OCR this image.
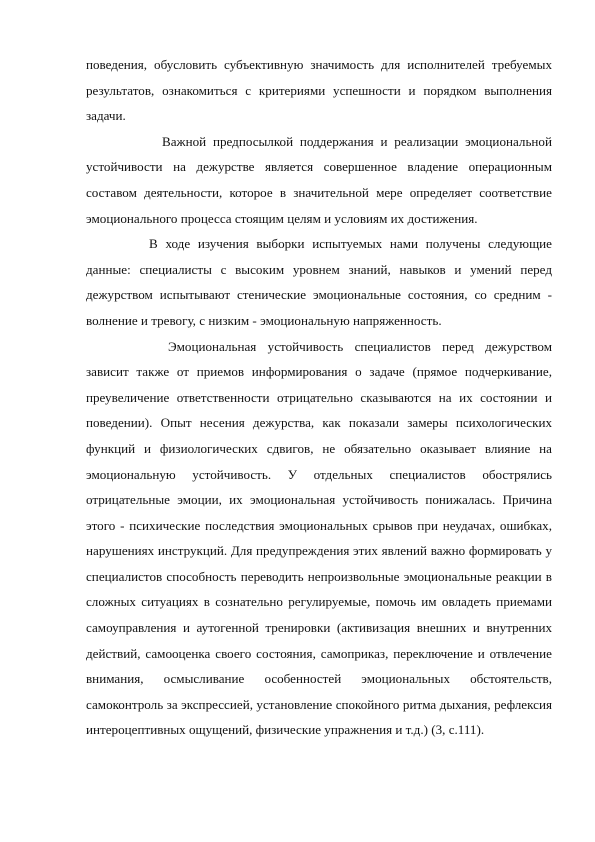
поведения, обусловить субъективную значимость для исполнителей требуемых результатов, ознакомиться с критериями успешности и порядком выполнения задачи.

Важной предпосылкой поддержания и реализации эмоциональной устойчивости на дежурстве является совершенное владение операционным составом деятельности, которое в значительной мере определяет соответствие эмоционального процесса стоящим целям и условиям их достижения.

В ходе изучения выборки испытуемых нами получены следующие данные: специалисты с высоким уровнем знаний, навыков и умений перед дежурством испытывают стенические эмоциональные состояния, со средним - волнение и тревогу, с низким - эмоциональную напряженность.

Эмоциональная устойчивость специалистов перед дежурством зависит также от приемов информирования о задаче (прямое подчеркивание, преувеличение ответственности отрицательно сказываются на их состоянии и поведении). Опыт несения дежурства, как показали замеры психологических функций и физиологических сдвигов, не обязательно оказывает влияние на эмоциональную устойчивость. У отдельных специалистов обострялись отрицательные эмоции, их эмоциональная устойчивость понижалась. Причина этого - психические последствия эмоциональных срывов при неудачах, ошибках, нарушениях инструкций. Для предупреждения этих явлений важно формировать у специалистов способность переводить непроизвольные эмоциональные реакции в сложных ситуациях в сознательно регулируемые, помочь им овладеть приемами самоуправления и аутогенной тренировки (активизация внешних и внутренних действий, самооценка своего состояния, самоприказ, переключение и отвлечение внимания, осмысливание особенностей эмоциональных обстоятельств, самоконтроль за экспрессией, установление спокойного ритма дыхания, рефлексия интероцептивных ощущений, физические упражнения и т.д.) (3, с.111).
